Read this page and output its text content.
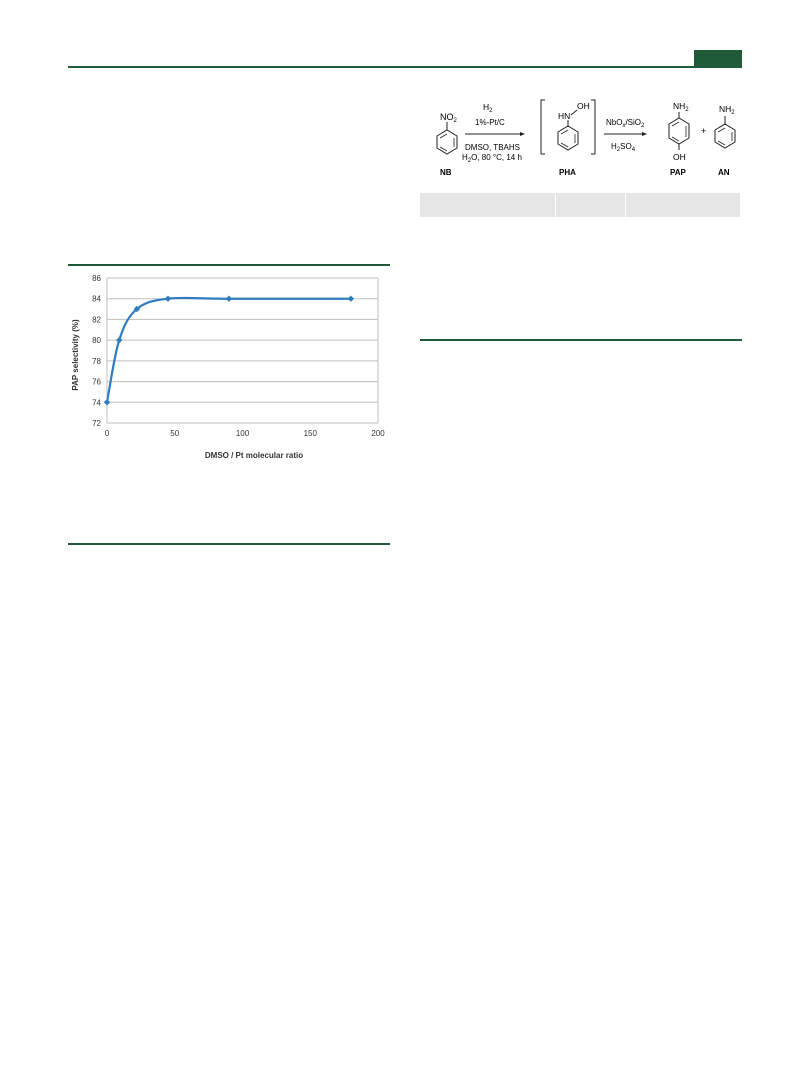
$NO_2$
NB
$H_2$
1%-Pt/C
DMSO, TBAHS
$H_2O$, 80 °C, 14 h
HN
OH
PHA
NbO$_x$/SiO$_2$
$H_2SO_4$
$NH_2$
OH
PAP
+
$NH_2$
AN
72
74
76
78
80
82
84
86
0	50	100	150	200
DMSO / Pt molecular ratio
PAP selectivity (%)
